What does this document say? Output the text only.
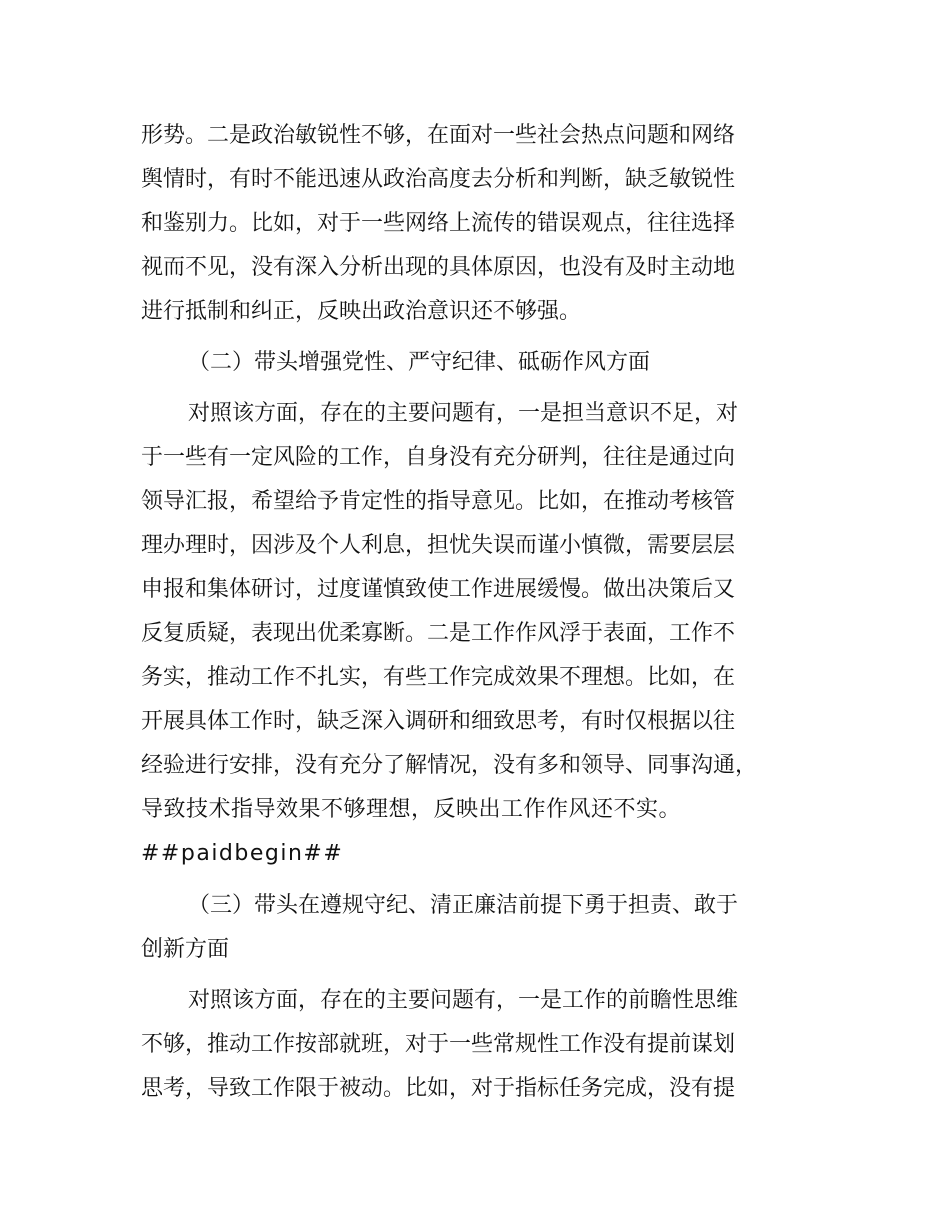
形势。二是政治敏锐性不够，在面对一些社会热点问题和网络

舆情时，有时不能迅速从政治高度去分析和判断，缺乏敏锐性

和鉴别力。比如，对于一些网络上流传的错误观点，往往选择

视而不见，没有深入分析出现的具体原因，也没有及时主动地

进行抵制和纠正，反映出政治意识还不够强。

（二）带头增强党性、严守纪律、砥砺作风方面

对照该方面，存在的主要问题有，一是担当意识不足，对

于一些有一定风险的工作，自身没有充分研判，往往是通过向

领导汇报，希望给予肯定性的指导意见。比如，在推动考核管

理办理时，因涉及个人利息，担忧失误而谨小慎微，需要层层

申报和集体研讨，过度谨慎致使工作进展缓慢。做出决策后又

反复质疑，表现出优柔寡断。二是工作作风浮于表面，工作不

务实，推动工作不扎实，有些工作完成效果不理想。比如，在

开展具体工作时，缺乏深入调研和细致思考，有时仅根据以往

经验进行安排，没有充分了解情况，没有多和领导、同事沟通，

导致技术指导效果不够理想，反映出工作作风还不实。

##paidbegin##

（三）带头在遵规守纪、清正廉洁前提下勇于担责、敢于

创新方面

对照该方面，存在的主要问题有，一是工作的前瞻性思维

不够，推动工作按部就班，对于一些常规性工作没有提前谋划

思考，导致工作限于被动。比如，对于指标任务完成，没有提
